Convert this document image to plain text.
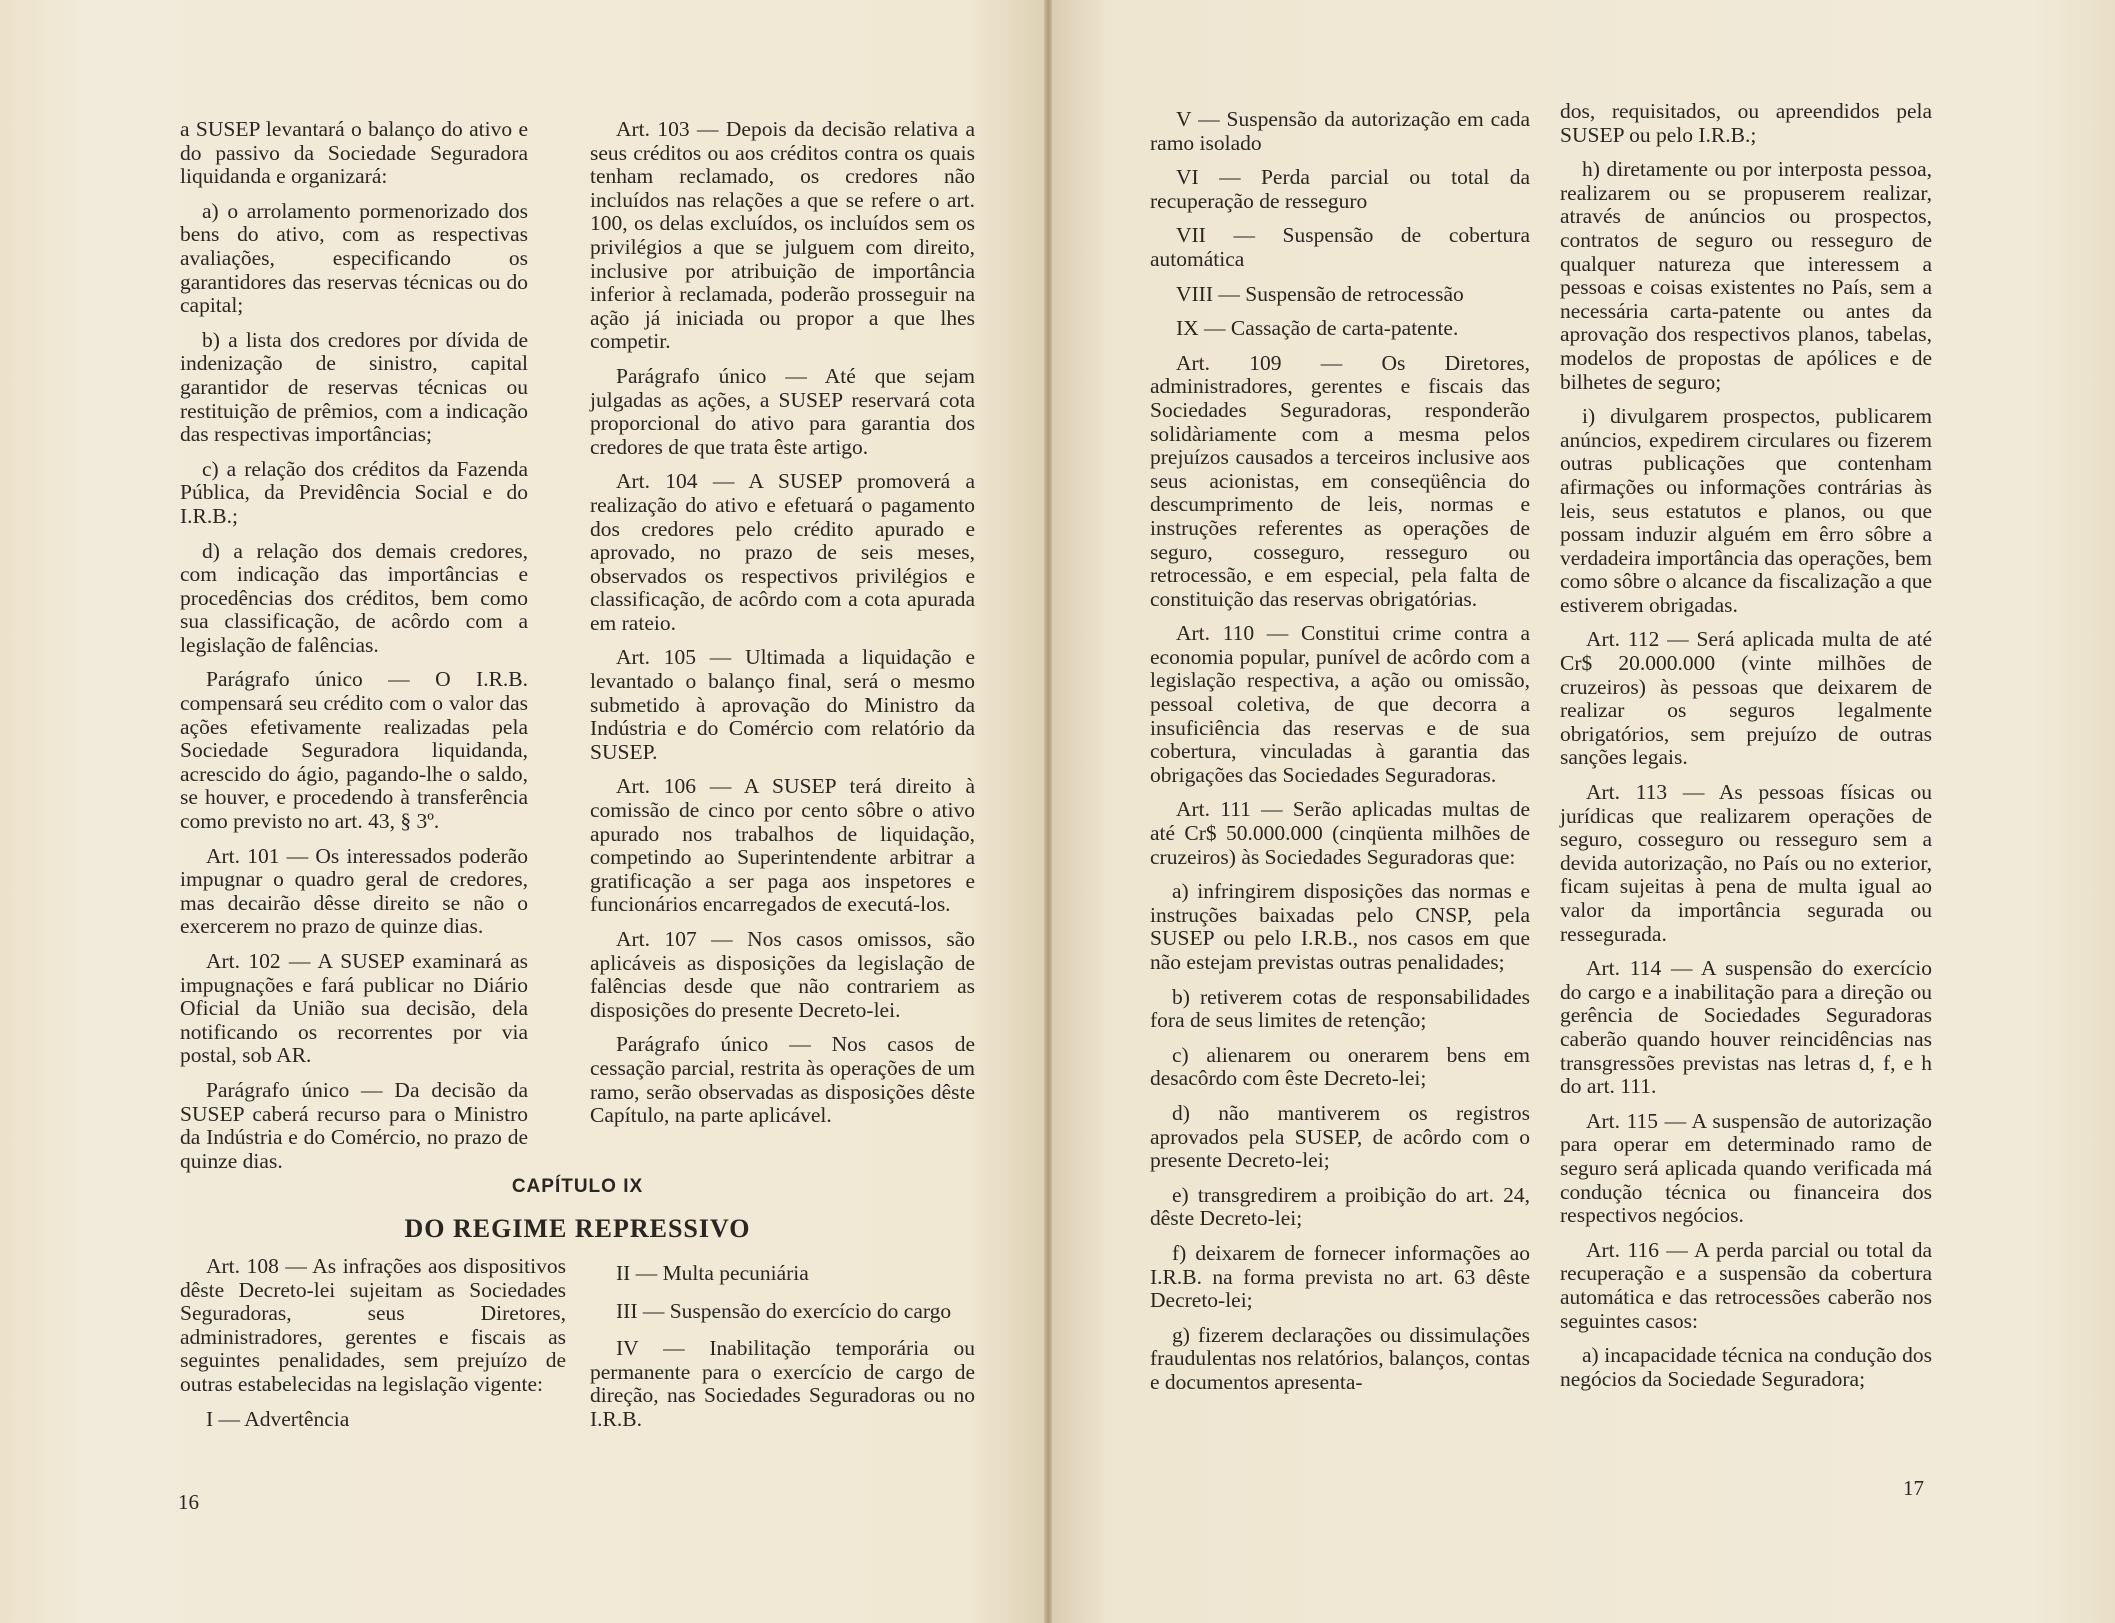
a SUSEP levantará o balanço do ativo e do passivo da Sociedade Seguradora liquidanda e organizará:

a) o arrolamento pormenorizado dos bens do ativo, com as respectivas avaliações, especificando os garantidores das reservas técnicas ou do capital;

b) a lista dos credores por dívida de indenização de sinistro, capital garantidor de reservas técnicas ou restituição de prêmios, com a indicação das respectivas importâncias;

c) a relação dos créditos da Fazenda Pública, da Previdência Social e do I.R.B.;

d) a relação dos demais credores, com indicação das importâncias e procedências dos créditos, bem como sua classificação, de acôrdo com a legislação de falências.

Parágrafo único — O I.R.B. compensará seu crédito com o valor das ações efetivamente realizadas pela Sociedade Seguradora liquidanda, acrescido do ágio, pagando-lhe o saldo, se houver, e procedendo à transferência como previsto no art. 43, § 3º.

Art. 101 — Os interessados poderão impugnar o quadro geral de credores, mas decairão dêsse direito se não o exercerem no prazo de quinze dias.

Art. 102 — A SUSEP examinará as impugnações e fará publicar no Diário Oficial da União sua decisão, dela notificando os recorrentes por via postal, sob AR.

Parágrafo único — Da decisão da SUSEP caberá recurso para o Ministro da Indústria e do Comércio, no prazo de quinze dias.

Art. 103 — Depois da decisão relativa a seus créditos ou aos créditos contra os quais tenham reclamado, os credores não incluídos nas relações a que se refere o art. 100, os delas excluídos, os incluídos sem os privilégios a que se julguem com direito, inclusive por atribuição de importância inferior à reclamada, poderão prosseguir na ação já iniciada ou propor a que lhes competir.

Parágrafo único — Até que sejam julgadas as ações, a SUSEP reservará cota proporcional do ativo para garantia dos credores de que trata êste artigo.

Art. 104 — A SUSEP promoverá a realização do ativo e efetuará o pagamento dos credores pelo crédito apurado e aprovado, no prazo de seis meses, observados os respectivos privilégios e classificação, de acôrdo com a cota apurada em rateio.

Art. 105 — Ultimada a liquidação e levantado o balanço final, será o mesmo submetido à aprovação do Ministro da Indústria e do Comércio com relatório da SUSEP.

Art. 106 — A SUSEP terá direito à comissão de cinco por cento sôbre o ativo apurado nos trabalhos de liquidação, competindo ao Superintendente arbitrar a gratificação a ser paga aos inspetores e funcionários encarregados de executá-los.

Art. 107 — Nos casos omissos, são aplicáveis as disposições da legislação de falências desde que não contrariem as disposições do presente Decreto-lei.

Parágrafo único — Nos casos de cessação parcial, restrita às operações de um ramo, serão observadas as disposições dêste Capítulo, na parte aplicável.

CAPÍTULO IX
DO REGIME REPRESSIVO

Art. 108 — As infrações aos dispositivos dêste Decreto-lei sujeitam as Sociedades Seguradoras, seus Diretores, administradores, gerentes e fiscais as seguintes penalidades, sem prejuízo de outras estabelecidas na legislação vigente:

I — Advertência

II — Multa pecuniária

III — Suspensão do exercício do cargo

IV — Inabilitação temporária ou permanente para o exercício de cargo de direção, nas Sociedades Seguradoras ou no I.R.B.

V — Suspensão da autorização em cada ramo isolado

VI — Perda parcial ou total da recuperação de resseguro

VII — Suspensão de cobertura automática

VIII — Suspensão de retrocessão

IX — Cassação de carta-patente.

Art. 109 — Os Diretores, administradores, gerentes e fiscais das Sociedades Seguradoras, responderão solidàriamente com a mesma pelos prejuízos causados a terceiros inclusive aos seus acionistas, em conseqüência do descumprimento de leis, normas e instruções referentes as operações de seguro, cosseguro, resseguro ou retrocessão, e em especial, pela falta de constituição das reservas obrigatórias.

Art. 110 — Constitui crime contra a economia popular, punível de acôrdo com a legislação respectiva, a ação ou omissão, pessoal coletiva, de que decorra a insuficiência das reservas e de sua cobertura, vinculadas à garantia das obrigações das Sociedades Seguradoras.

Art. 111 — Serão aplicadas multas de até Cr$ 50.000.000 (cinqüenta milhões de cruzeiros) às Sociedades Seguradoras que:

a) infringirem disposições das normas e instruções baixadas pelo CNSP, pela SUSEP ou pelo I.R.B., nos casos em que não estejam previstas outras penalidades;

b) retiverem cotas de responsabilidades fora de seus limites de retenção;

c) alienarem ou onerarem bens em desacôrdo com êste Decreto-lei;

d) não mantiverem os registros aprovados pela SUSEP, de acôrdo com o presente Decreto-lei;

e) transgredirem a proibição do art. 24, dêste Decreto-lei;

f) deixarem de fornecer informações ao I.R.B. na forma prevista no art. 63 dêste Decreto-lei;

g) fizerem declarações ou dissimulações fraudulentas nos relatórios, balanços, contas e documentos apresenta-

dos, requisitados, ou apreendidos pela SUSEP ou pelo I.R.B.;

h) diretamente ou por interposta pessoa, realizarem ou se propuserem realizar, através de anúncios ou prospectos, contratos de seguro ou resseguro de qualquer natureza que interessem a pessoas e coisas existentes no País, sem a necessária carta-patente ou antes da aprovação dos respectivos planos, tabelas, modelos de propostas de apólices e de bilhetes de seguro;

i) divulgarem prospectos, publicarem anúncios, expedirem circulares ou fizerem outras publicações que contenham afirmações ou informações contrárias às leis, seus estatutos e planos, ou que possam induzir alguém em êrro sôbre a verdadeira importância das operações, bem como sôbre o alcance da fiscalização a que estiverem obrigadas.

Art. 112 — Será aplicada multa de até Cr$ 20.000.000 (vinte milhões de cruzeiros) às pessoas que deixarem de realizar os seguros legalmente obrigatórios, sem prejuízo de outras sanções legais.

Art. 113 — As pessoas físicas ou jurídicas que realizarem operações de seguro, cosseguro ou resseguro sem a devida autorização, no País ou no exterior, ficam sujeitas à pena de multa igual ao valor da importância segurada ou ressegurada.

Art. 114 — A suspensão do exercício do cargo e a inabilitação para a direção ou gerência de Sociedades Seguradoras caberão quando houver reincidências nas transgressões previstas nas letras d, f, e h do art. 111.

Art. 115 — A suspensão de autorização para operar em determinado ramo de seguro será aplicada quando verificada má condução técnica ou financeira dos respectivos negócios.

Art. 116 — A perda parcial ou total da recuperação e a suspensão da cobertura automática e das retrocessões caberão nos seguintes casos:

a) incapacidade técnica na condução dos negócios da Sociedade Seguradora;

16
17
